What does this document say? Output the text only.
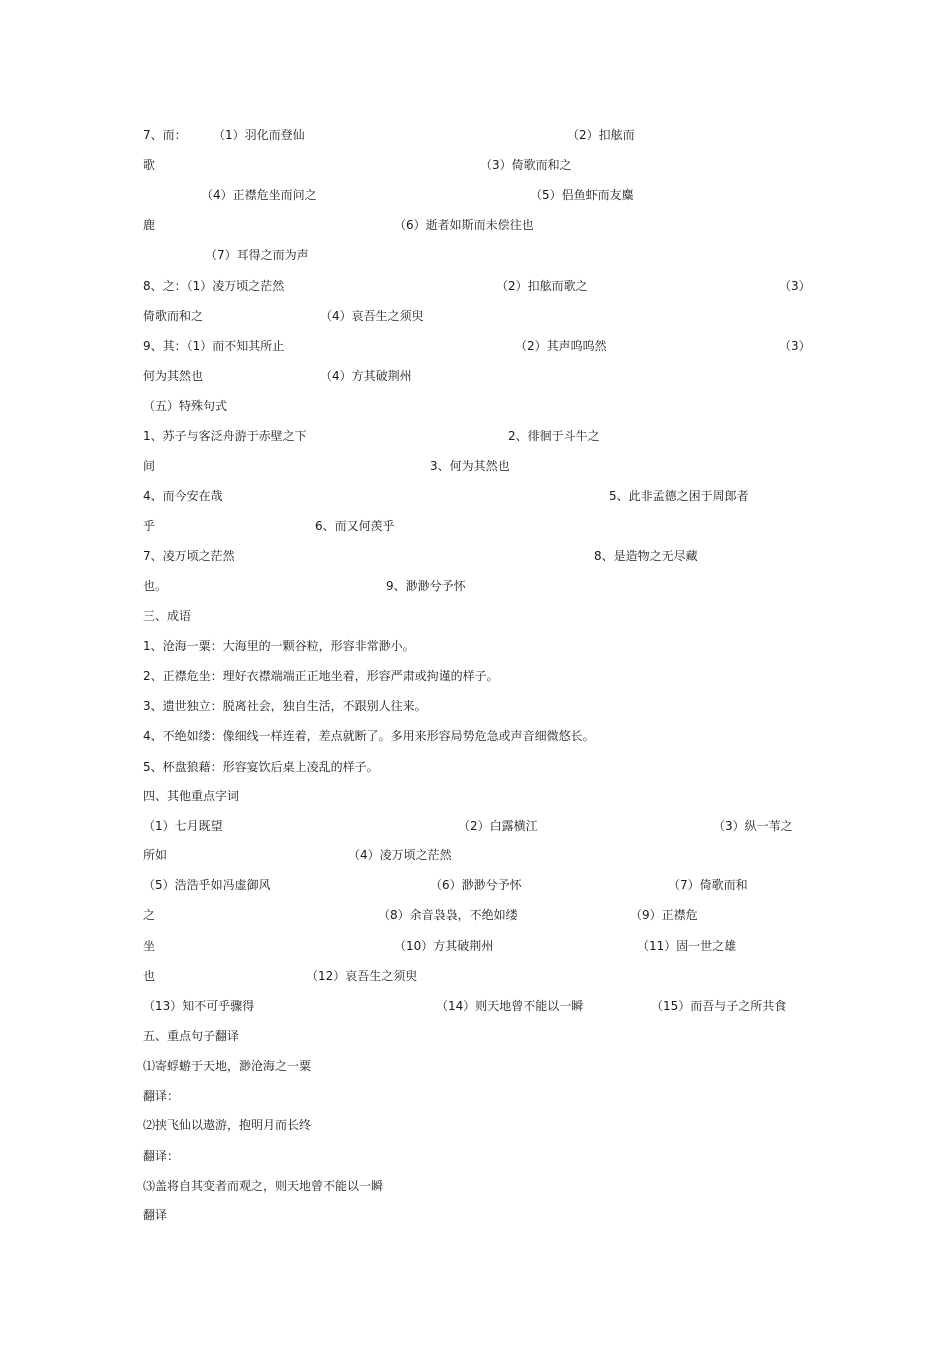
7、而： （1）羽化而登仙	（2）扣舷而
歌	（3）倚歌而和之
（4）正襟危坐而问之	（5）侣鱼虾而友麋
鹿	（6）逝者如斯而未偿往也
（7）耳得之而为声
8、之：（1）凌万顷之茫然	（2）扣舷而歌之	（3）
倚歌而和之	（4）哀吾生之须臾
9、其：（1）而不知其所止	（2）其声呜呜然	（3）
何为其然也	（4）方其破荆州
（五）特殊句式
1、苏子与客泛舟游于赤壁之下	2、徘徊于斗牛之
间	3、何为其然也
4、而今安在哉	5、此非孟德之困于周郎者
乎	6、而又何羡乎
7、凌万顷之茫然	8、是造物之无尽藏
也。	9、渺渺兮予怀
三、成语
1、沧海一粟：大海里的一颗谷粒，形容非常渺小。
2、正襟危坐：理好衣襟端端正正地坐着，形容严肃或拘谨的样子。
3、遗世独立：脱离社会，独自生活，不跟别人往来。
4、不绝如缕：像细线一样连着，差点就断了。多用来形容局势危急或声音细微悠长。
5、杯盘狼藉：形容宴饮后桌上凌乱的样子。
四、其他重点字词
（1）七月既望	（2）白露横江	（3）纵一苇之
所如	（4）凌万顷之茫然
（5）浩浩乎如冯虚御风	（6）渺渺兮予怀	（7）倚歌而和
之	（8）余音袅袅，不绝如缕	（9）正襟危
坐	（10）方其破荆州	（11）固一世之雄
也	（12）哀吾生之须臾
（13）知不可乎骤得	（14）则天地曾不能以一瞬	（15）而吾与子之所共食
五、重点句子翻译
⑴寄蜉蝣于天地，渺沧海之一粟
翻译：
⑵挟飞仙以遨游，抱明月而长终
翻译：
⑶盖将自其变者而观之，则天地曾不能以一瞬
翻译
